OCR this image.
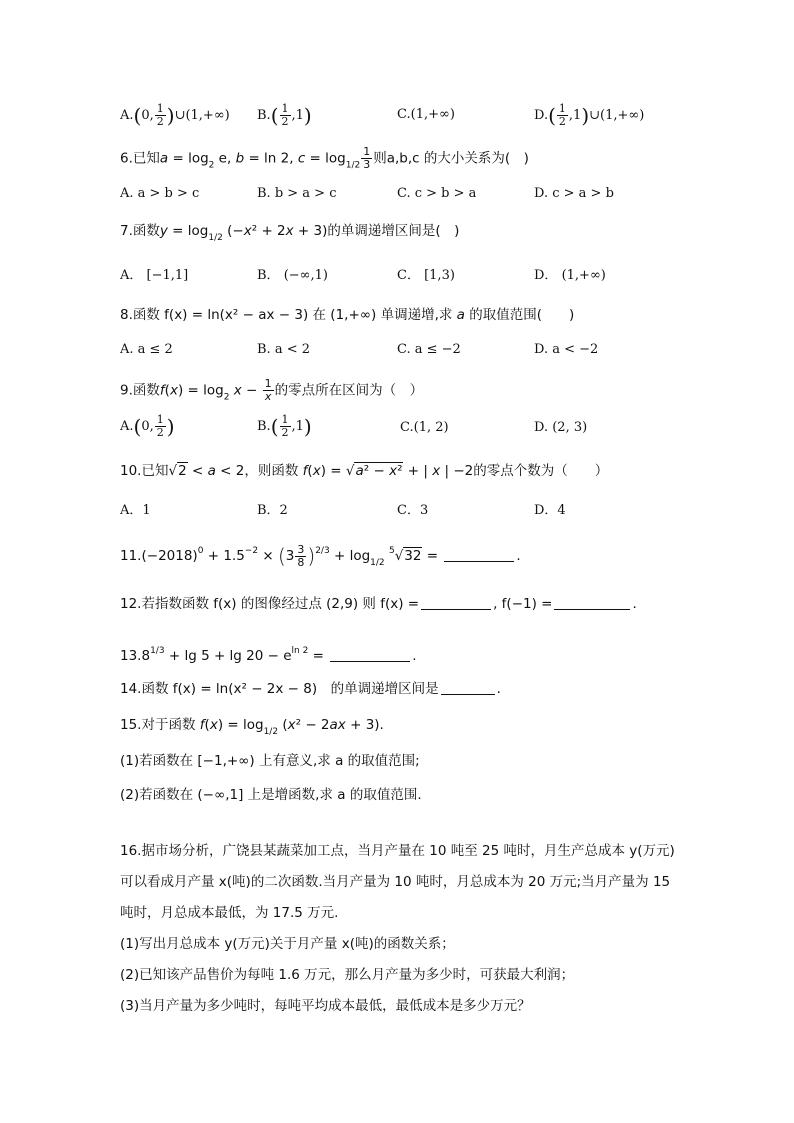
A.(0, $\frac{1}{2}$ )∪(1,+∞) $B.( \frac{1}{2} ,1)$	C.(1,+∞)	$D.( \frac{1}{2}$ ,1)∪(1,+∞)
6.已知$a = \log_2 e$, b = ln 2, $c = \log_{1/2} \frac{1}{3}$ 则a,b,c 的大小关系为(　)
A. a > b > c	B. b > a > c	C. c > b > a	D. c > a > b
7.函数$y = \log_{1/2} (-x^2 + 2x + 3)$的单调递增区间是(　)
A． [−1,1]	B． (−∞,1)	C． [1,3)	D． (1,+∞)
8.函数 f(x) = ln(x² − ax − 3) 在 (1,+∞) 单调递增,求 a 的取值范围(　　)
A. a ≤ 2	B. a < 2	C. a ≤ −2	D. a < −2
9.函数$f(x) = \log_2 x - \frac{1}{x}$ 的零点所在区间为（　）
A.(0, $\frac{1}{2}$ )	$B.( \frac{1}{2} ,1)$	C.(1, 2)	D. (2, 3)
10.已知√2 < a < 2，则函数 f(x) = √a² − x² + | x | −2的零点个数为（　　）
A．1	B．2	C．3	D．4
$11.(-2018)^0 + 1.5^{-2} \times (3 \frac{3}{8} )^{2/3} + \log_{1/2} ^5√32$ =	.
12.若指数函数 f(x) 的图像经过点 (2,9) 则 f(x) =	, f(−1) =	.
$13.8^{1/3} + \lg 5 + \lg 20 - e^{ln 2}$ =	.
14.函数 f(x) = ln(x² − 2x − 8)　的单调递增区间是	.
15.对于函数 $f(x) = \log_{1/2} (x^2 - 2ax + 3)$.
(1)若函数在 [−1,+∞) 上有意义,求 a 的取值范围;
(2)若函数在 (−∞,1] 上是增函数,求 a 的取值范围.
16.据市场分析，广饶县某蔬菜加工点，当月产量在 10 吨至 25 吨时，月生产总成本 y(万元)
可以看成月产量 x(吨)的二次函数.当月产量为 10 吨时，月总成本为 20 万元;当月产量为 15
吨时，月总成本最低，为 17.5 万元.
(1)写出月总成本 y(万元)关于月产量 x(吨)的函数关系；
(2)已知该产品售价为每吨 1.6 万元，那么月产量为多少时，可获最大利润；
(3)当月产量为多少吨时，每吨平均成本最低，最低成本是多少万元？
